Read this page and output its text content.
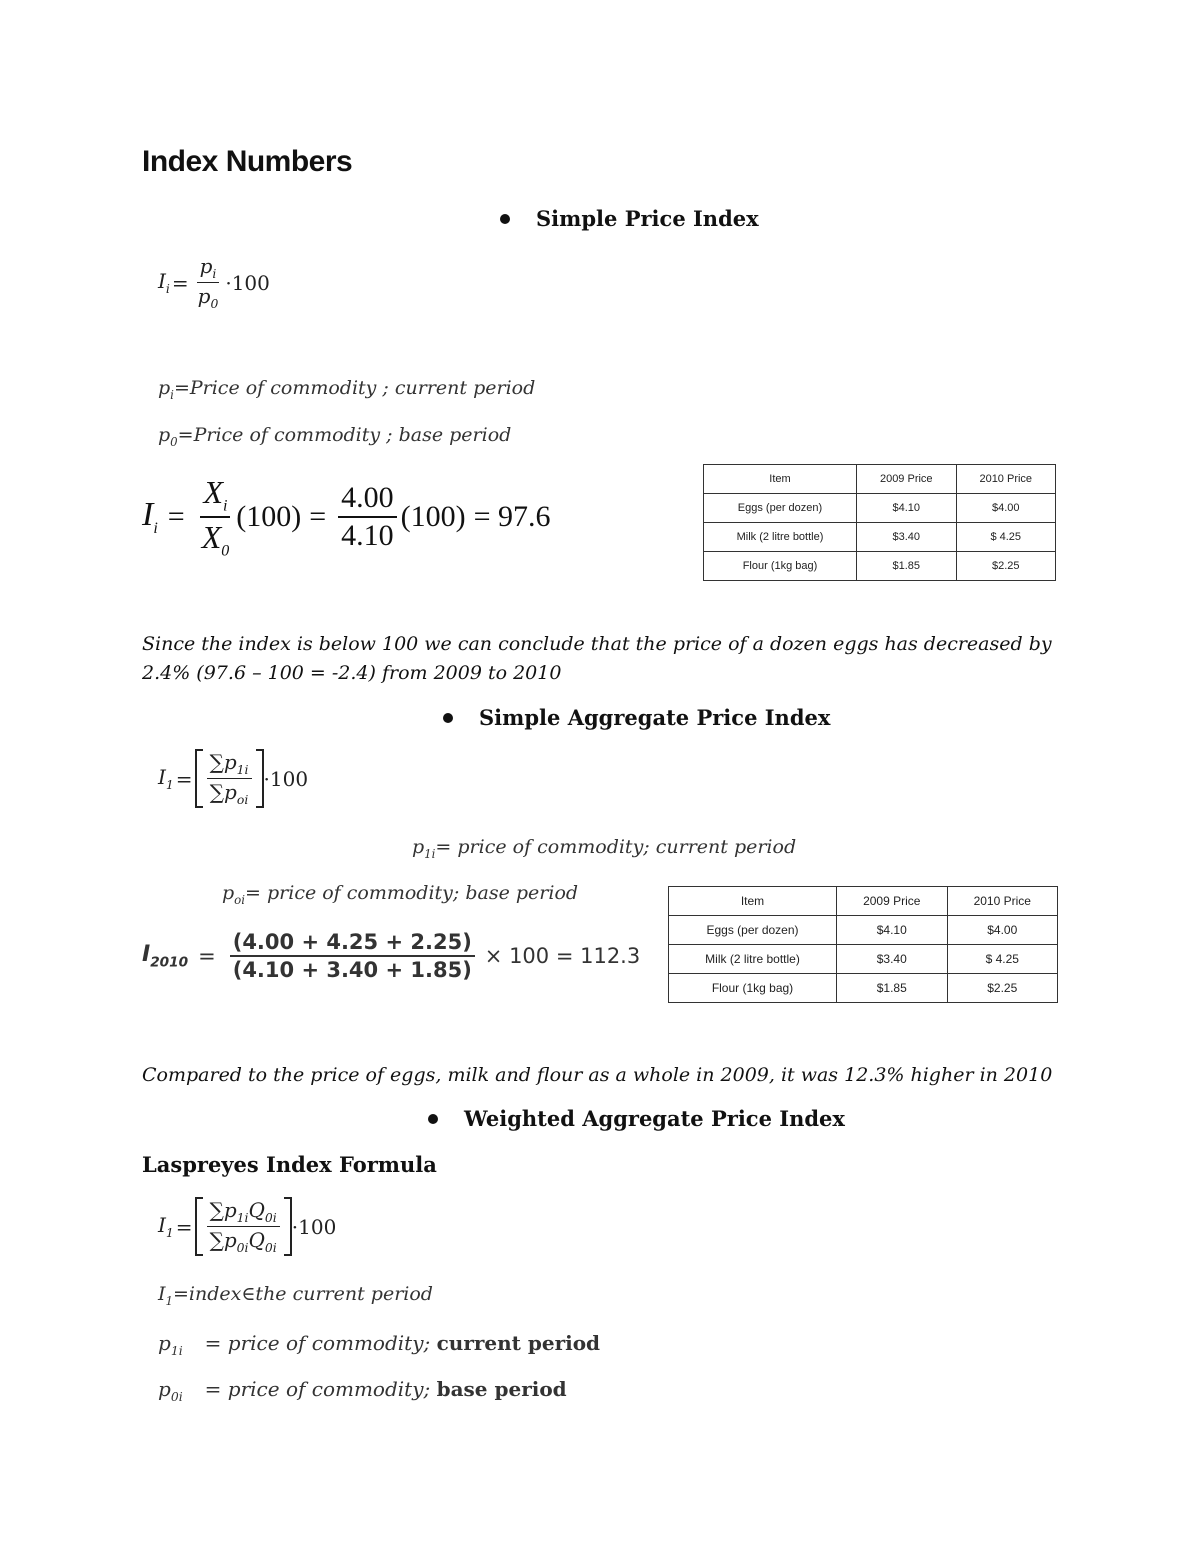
Index Numbers
Simple Price Index
$I_i = \frac{p_i}{p_0} \cdot 100$
$p_i=Price$ of commodity ; current period
$p_0=Price$ of commodity ; base period
$I_i = \frac{X_i}{X_0} (100) = \frac{4.00}{4.10} (100) = 97.6$
Item	2009 Price	2010 Price
Eggs (per dozen)	$4.10	$4.00
Milk (2 litre bottle)	$3.40	$ 4.25
Flour (1kg bag)	$1.85	$2.25
Since the index is below 100 we can conclude that the price of a dozen eggs has decreased by 2.4% (97.6 – 100 = -2.4) from 2009 to 2010
Simple Aggregate Price Index
$I_1 = \frac{\sum p_{1i}}{\sum p_{oi}} \cdot 100$
$p_{1i}=$ price of commodity; current period
$p_{oi}=$ price of commodity; base period
$I_{2010} = \frac{(4.00 + 4.25 + 2.25)}{(4.10 + 3.40 + 1.85)} \times 100 = 112.3$
Item	2009 Price	2010 Price
Eggs (per dozen)	$4.10	$4.00
Milk (2 litre bottle)	$3.40	$ 4.25
Flour (1kg bag)	$1.85	$2.25
Compared to the price of eggs, milk and flour as a whole in 2009, it was 12.3% higher in 2010
Weighted Aggregate Price Index
Laspreyes Index Formula
$I_1 = \frac{\sum p_{1i}Q_{0i}}{\sum p_{0i}Q_{0i}} \cdot 100$
$I_1=index\in the$ current period
$p_{1i}$ = price of commodity; current period
$p_{0i}$ = price of commodity; base period
